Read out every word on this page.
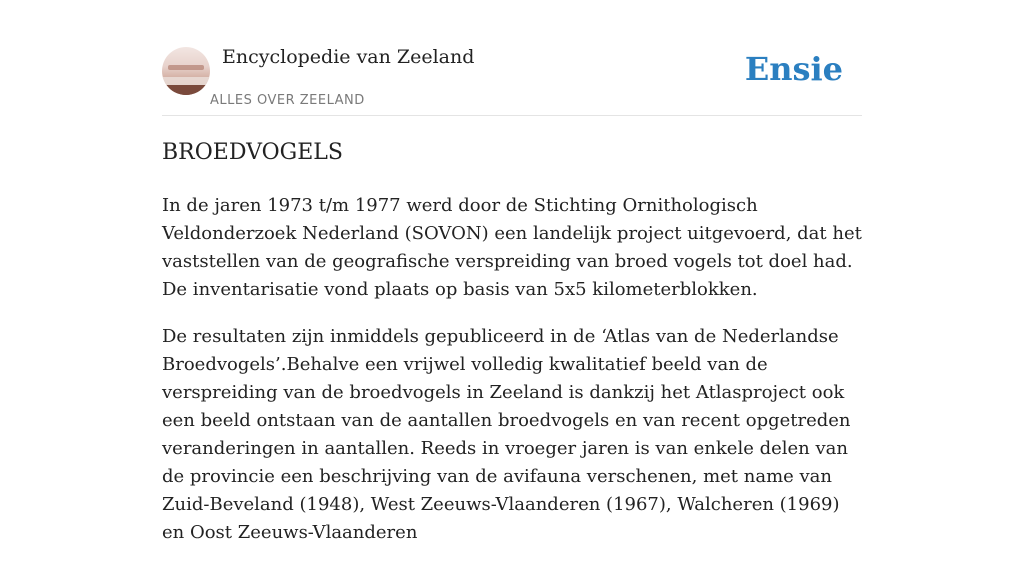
Encyclopedie van Zeeland
ALLES OVER ZEELAND
Ensie
BROEDVOGELS

In de jaren 1973 t/m 1977 werd door de Stichting Ornithologisch Veldonderzoek Nederland (SOVON) een landelijk project uitgevoerd, dat het vaststellen van de geografische verspreiding van broed vogels tot doel had. De inventarisatie vond plaats op basis van 5x5 kilometerblokken.

De resultaten zijn inmiddels gepubliceerd in de ‘Atlas van de Nederlandse Broedvogels’.Behalve een vrijwel volledig kwalitatief beeld van de verspreiding van de broedvogels in Zeeland is dankzij het Atlasproject ook een beeld ontstaan van de aantallen broedvogels en van recent opgetreden veranderingen in aantallen. Reeds in vroeger jaren is van enkele delen van de provincie een beschrijving van de avifauna verschenen, met name van Zuid-Beveland (1948), West Zeeuws-Vlaanderen (1967), Walcheren (1969) en Oost Zeeuws-Vlaanderen
